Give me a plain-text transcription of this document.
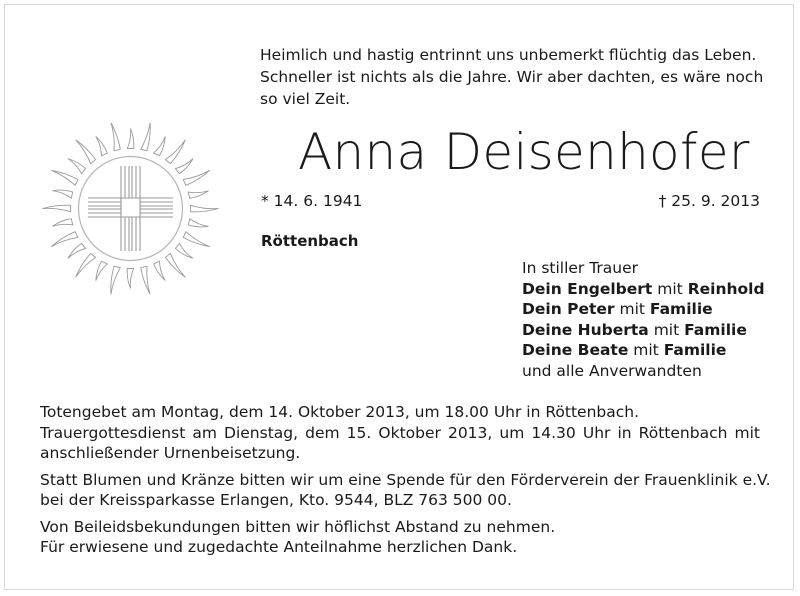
Heimlich und hastig entrinnt uns unbemerkt flüchtig das Leben.
Schneller ist nichts als die Jahre. Wir aber dachten, es wäre noch
so viel Zeit.
Anna Deisenhofer
* 14. 6. 1941	† 25. 9. 2013
Röttenbach
In stiller Trauer
Dein Engelbert mit Reinhold
Dein Peter mit Familie
Deine Huberta mit Familie
Deine Beate mit Familie
und alle Anverwandten
Totengebet am Montag, dem 14. Oktober 2013, um 18.00 Uhr in Röttenbach.
Trauergottesdienst am Dienstag, dem 15. Oktober 2013, um 14.30 Uhr in Röttenbach mit
anschließender Urnenbeisetzung.
Statt Blumen und Kränze bitten wir um eine Spende für den Förderverein der Frauenklinik e.V.
bei der Kreissparkasse Erlangen, Kto. 9544, BLZ 763 500 00.
Von Beileidsbekundungen bitten wir höflichst Abstand zu nehmen.
Für erwiesene und zugedachte Anteilnahme herzlichen Dank.
